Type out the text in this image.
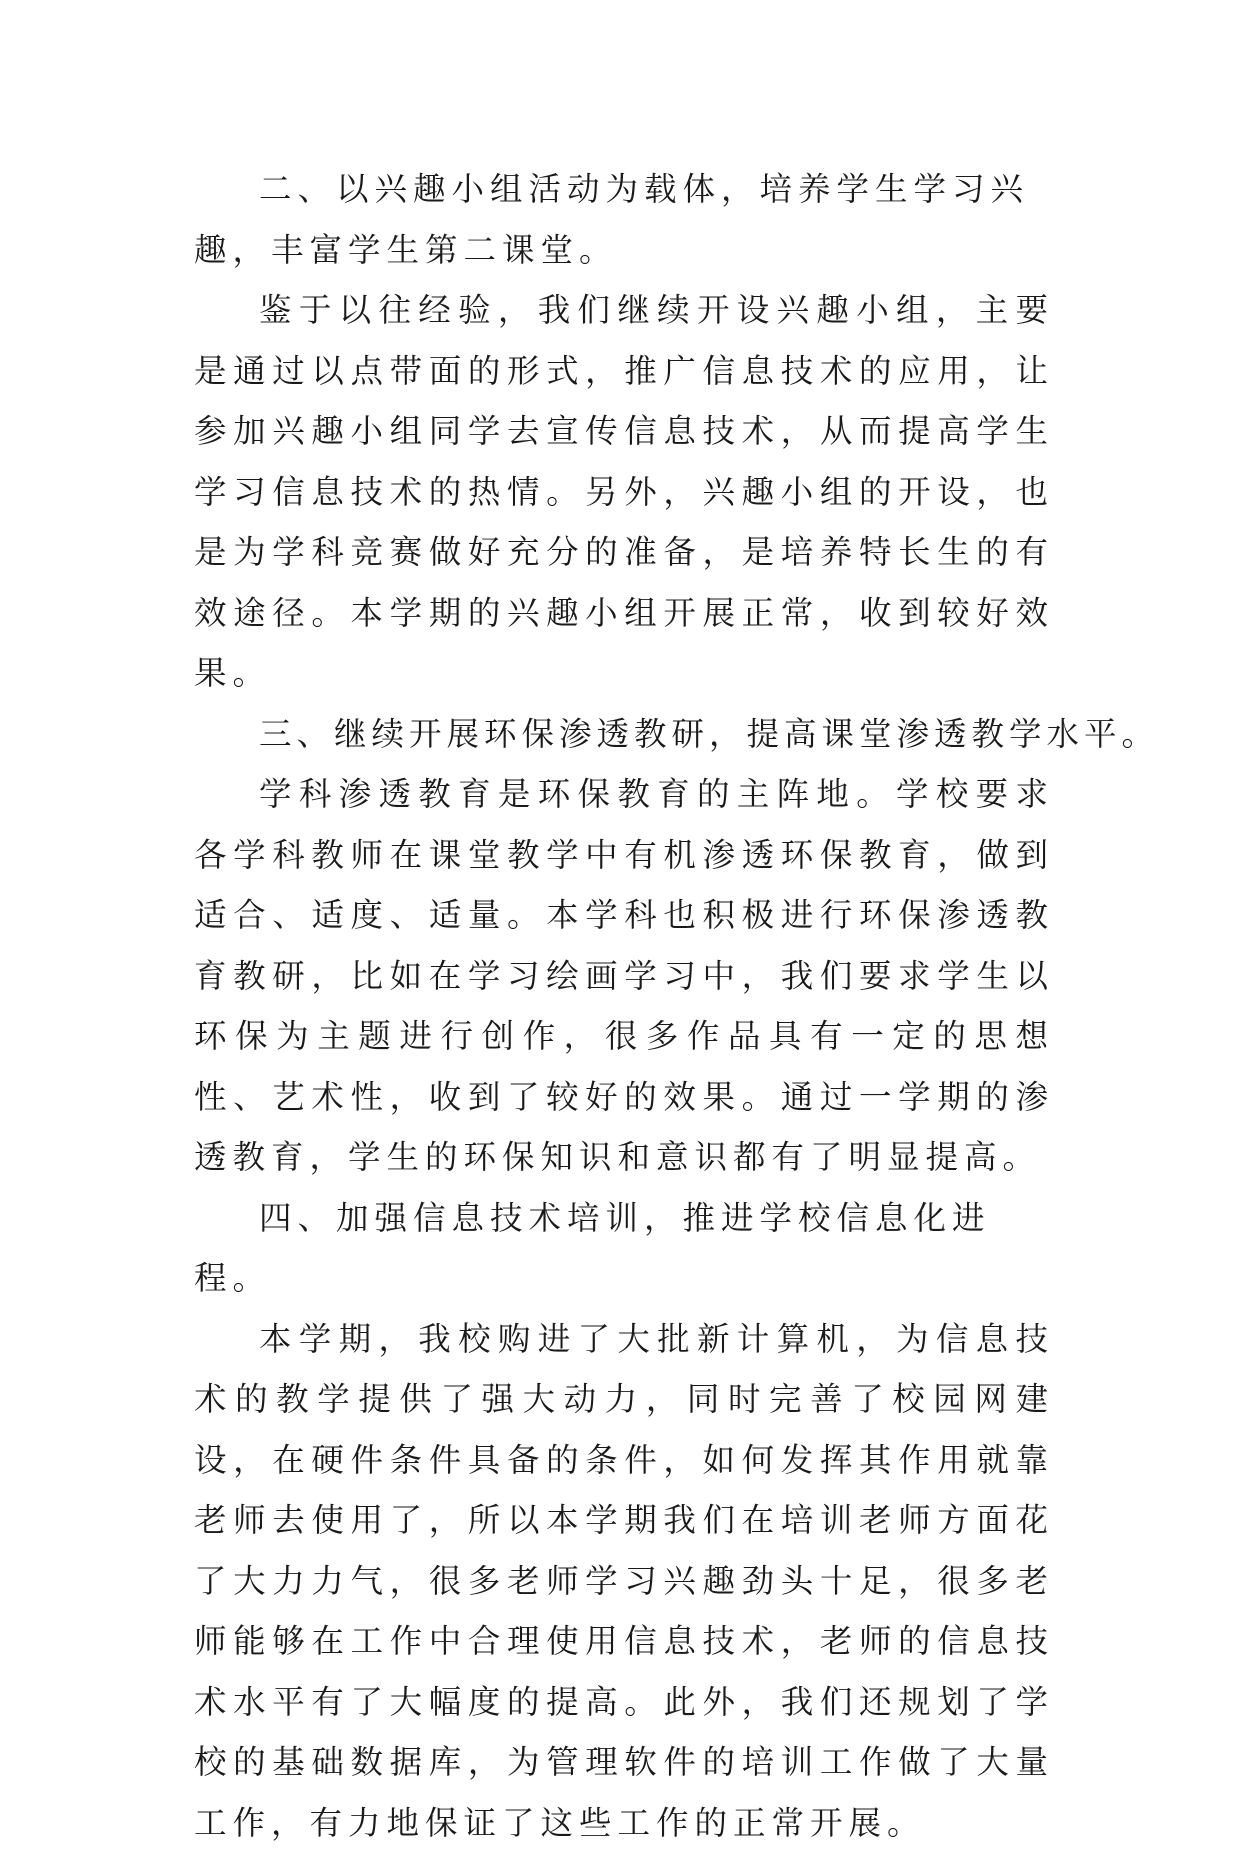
二、以兴趣小组活动为载体，培养学生学习兴趣，丰富学生第二课堂。

鉴于以往经验，我们继续开设兴趣小组，主要是通过以点带面的形式，推广信息技术的应用，让参加兴趣小组同学去宣传信息技术，从而提高学生学习信息技术的热情。另外，兴趣小组的开设，也是为学科竞赛做好充分的准备，是培养特长生的有效途径。本学期的兴趣小组开展正常，收到较好效果。

三、继续开展环保渗透教研，提高课堂渗透教学水平。

学科渗透教育是环保教育的主阵地。学校要求各学科教师在课堂教学中有机渗透环保教育，做到适合、适度、适量。本学科也积极进行环保渗透教育教研，比如在学习绘画学习中，我们要求学生以环保为主题进行创作，很多作品具有一定的思想性、艺术性，收到了较好的效果。通过一学期的渗透教育，学生的环保知识和意识都有了明显提高。

四、加强信息技术培训，推进学校信息化进程。

本学期，我校购进了大批新计算机，为信息技术的教学提供了强大动力，同时完善了校园网建设，在硬件条件具备的条件，如何发挥其作用就靠老师去使用了，所以本学期我们在培训老师方面花了大力力气，很多老师学习兴趣劲头十足，很多老师能够在工作中合理使用信息技术，老师的信息技术水平有了大幅度的提高。此外，我们还规划了学校的基础数据库，为管理软件的培训工作做了大量工作，有力地保证了这些工作的正常开展。
